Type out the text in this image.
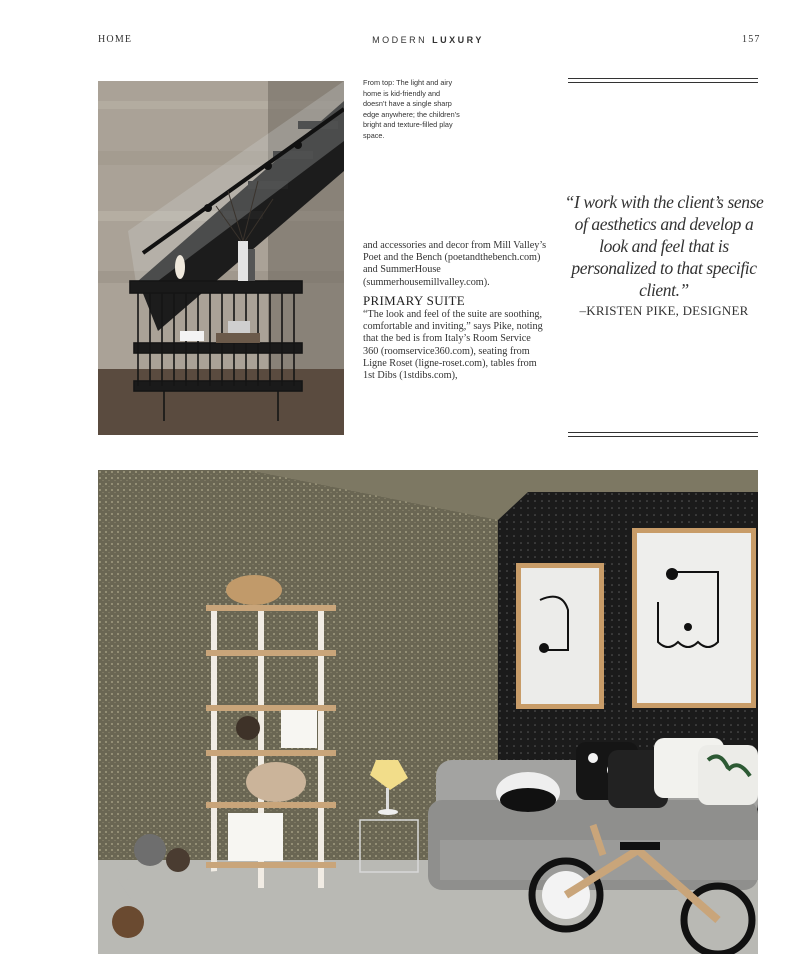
HOME	MODERN LUXURY	157
From top: The light and airy home is kid-friendly and doesn’t have a single sharp edge anywhere; the children’s bright and texture-filled play space.

and accessories and decor from Mill Valley’s Poet and the Bench (poetandthebench.com) and SummerHouse (summerhousemillvalley.com).

PRIMARY SUITE

“The look and feel of the suite are soothing, comfortable and inviting,” says Pike, noting that the bed is from Italy’s Room Service 360 (roomservice360.com), seating from Ligne Roset (ligne-roset.com), tables from 1st Dibs (1stdibs.com),

“I work with the client’s sense of aesthetics and develop a look and feel that is personalized to that specific client.”
–KRISTEN PIKE, DESIGNER
